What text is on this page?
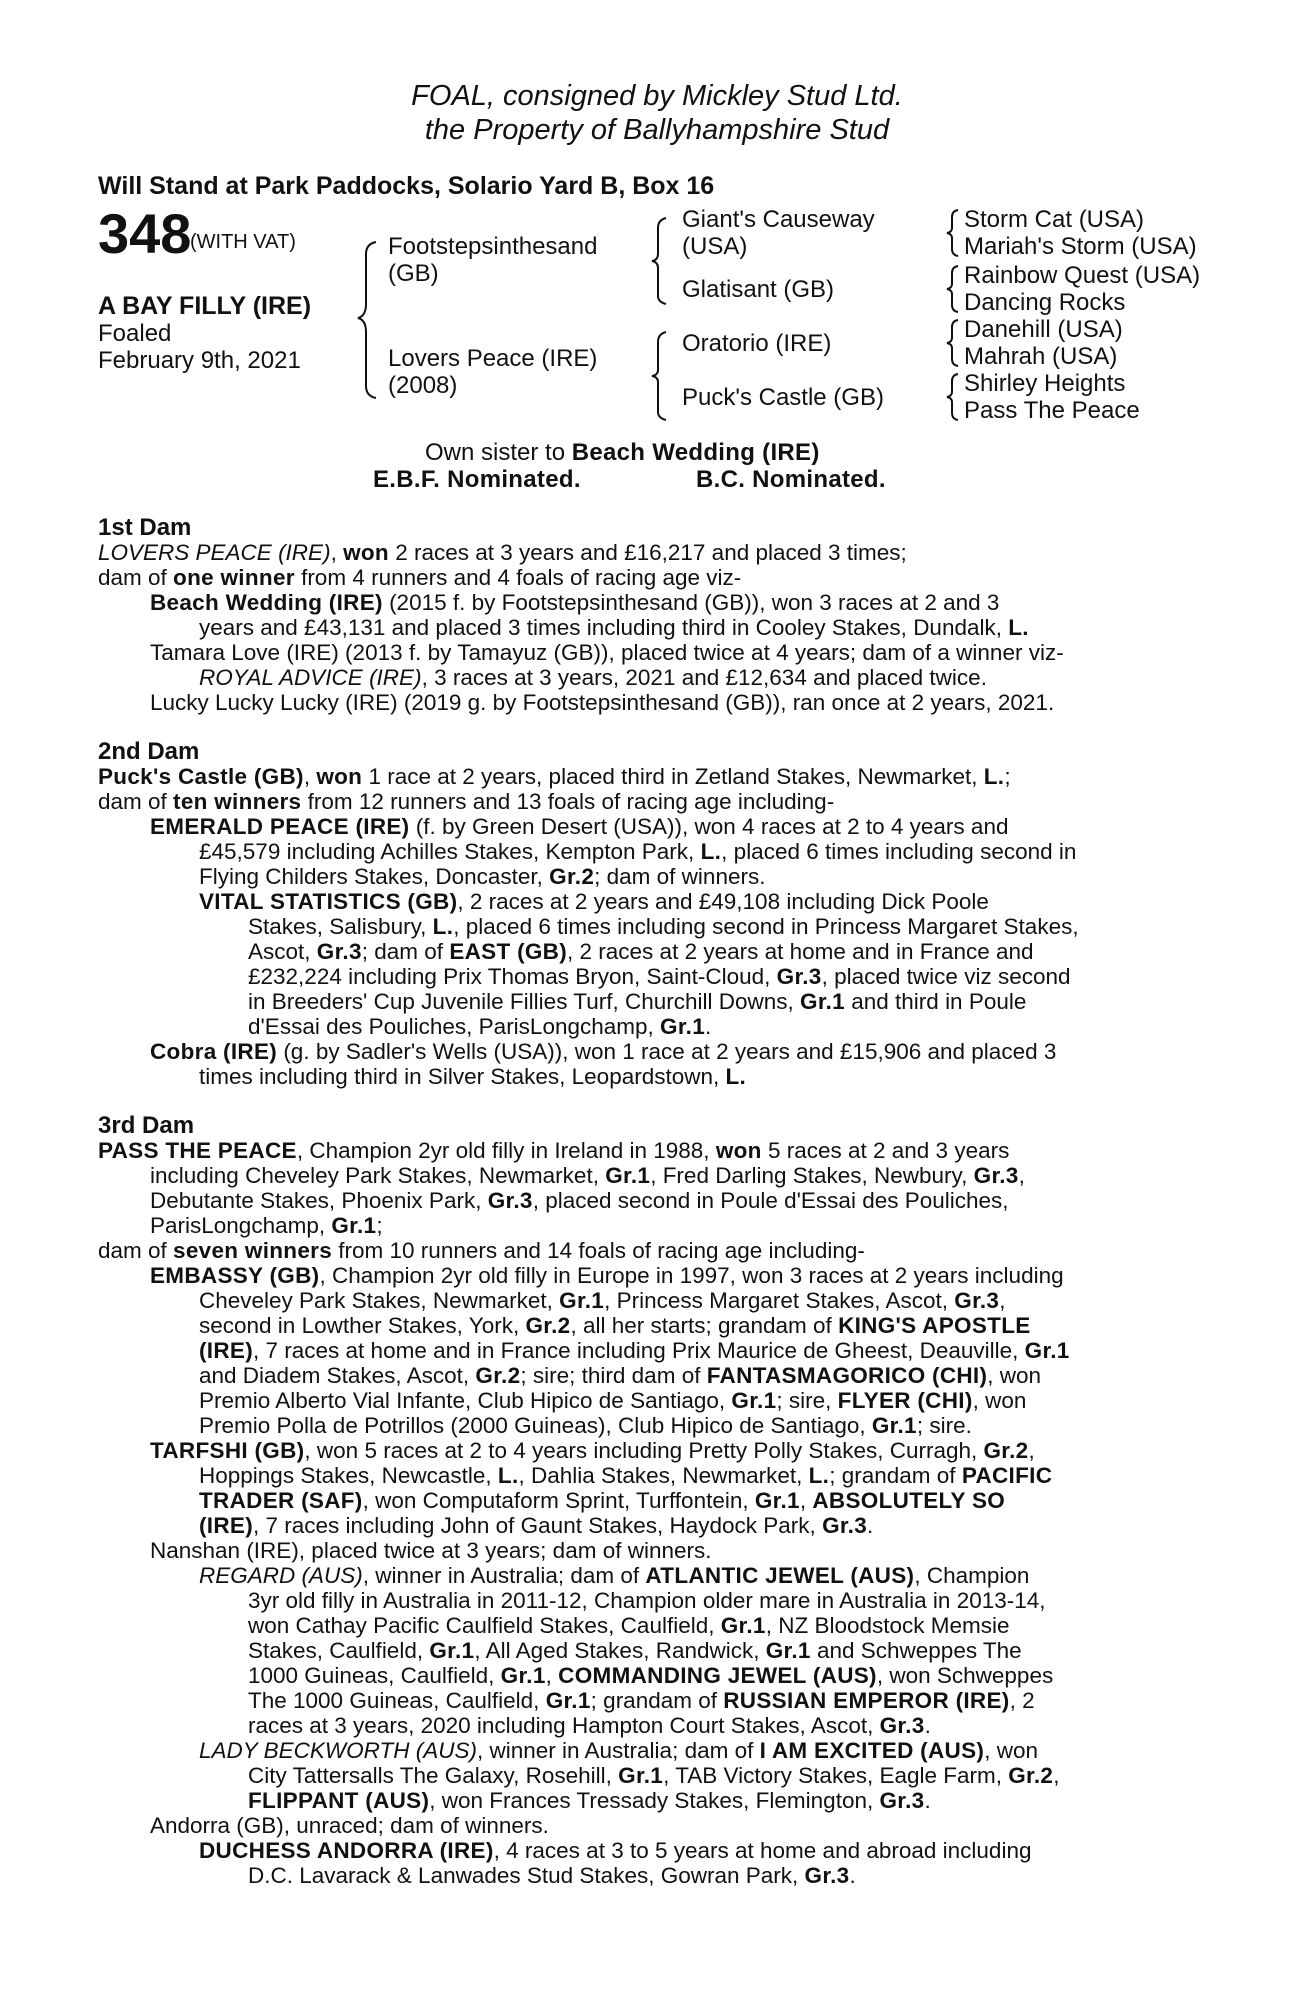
FOAL, consigned by Mickley Stud Ltd.
the Property of Ballyhampshire Stud
Will Stand at Park Paddocks, Solario Yard B, Box 16
348
(WITH VAT)
A BAY FILLY (IRE)
Foaled
February 9th, 2021
Footstepsinthesand
(GB)
Lovers Peace (IRE)
(2008)
Giant's Causeway
(USA)
Glatisant (GB)
Oratorio (IRE)
Puck's Castle (GB)
Storm Cat (USA)
Mariah's Storm (USA)
Rainbow Quest (USA)
Dancing Rocks
Danehill (USA)
Mahrah (USA)
Shirley Heights
Pass The Peace
Own sister to Beach Wedding (IRE)
E.B.F. Nominated.	B.C. Nominated.
1st Dam
LOVERS PEACE (IRE), won 2 races at 3 years and £16,217 and placed 3 times;
dam of one winner from 4 runners and 4 foals of racing age viz-
Beach Wedding (IRE) (2015 f. by Footstepsinthesand (GB)), won 3 races at 2 and 3
years and £43,131 and placed 3 times including third in Cooley Stakes, Dundalk, L.
Tamara Love (IRE) (2013 f. by Tamayuz (GB)), placed twice at 4 years; dam of a winner viz-
ROYAL ADVICE (IRE), 3 races at 3 years, 2021 and £12,634 and placed twice.
Lucky Lucky Lucky (IRE) (2019 g. by Footstepsinthesand (GB)), ran once at 2 years, 2021.
2nd Dam
Puck's Castle (GB), won 1 race at 2 years, placed third in Zetland Stakes, Newmarket, L.;
dam of ten winners from 12 runners and 13 foals of racing age including-
EMERALD PEACE (IRE) (f. by Green Desert (USA)), won 4 races at 2 to 4 years and
£45,579 including Achilles Stakes, Kempton Park, L., placed 6 times including second in
Flying Childers Stakes, Doncaster, Gr.2; dam of winners.
VITAL STATISTICS (GB), 2 races at 2 years and £49,108 including Dick Poole
Stakes, Salisbury, L., placed 6 times including second in Princess Margaret Stakes,
Ascot, Gr.3; dam of EAST (GB), 2 races at 2 years at home and in France and
£232,224 including Prix Thomas Bryon, Saint-Cloud, Gr.3, placed twice viz second
in Breeders' Cup Juvenile Fillies Turf, Churchill Downs, Gr.1 and third in Poule
d'Essai des Pouliches, ParisLongchamp, Gr.1.
Cobra (IRE) (g. by Sadler's Wells (USA)), won 1 race at 2 years and £15,906 and placed 3
times including third in Silver Stakes, Leopardstown, L.
3rd Dam
PASS THE PEACE, Champion 2yr old filly in Ireland in 1988, won 5 races at 2 and 3 years
including Cheveley Park Stakes, Newmarket, Gr.1, Fred Darling Stakes, Newbury, Gr.3,
Debutante Stakes, Phoenix Park, Gr.3, placed second in Poule d'Essai des Pouliches,
ParisLongchamp, Gr.1;
dam of seven winners from 10 runners and 14 foals of racing age including-
EMBASSY (GB), Champion 2yr old filly in Europe in 1997, won 3 races at 2 years including
Cheveley Park Stakes, Newmarket, Gr.1, Princess Margaret Stakes, Ascot, Gr.3,
second in Lowther Stakes, York, Gr.2, all her starts; grandam of KING'S APOSTLE
(IRE), 7 races at home and in France including Prix Maurice de Gheest, Deauville, Gr.1
and Diadem Stakes, Ascot, Gr.2; sire; third dam of FANTASMAGORICO (CHI), won
Premio Alberto Vial Infante, Club Hipico de Santiago, Gr.1; sire, FLYER (CHI), won
Premio Polla de Potrillos (2000 Guineas), Club Hipico de Santiago, Gr.1; sire.
TARFSHI (GB), won 5 races at 2 to 4 years including Pretty Polly Stakes, Curragh, Gr.2,
Hoppings Stakes, Newcastle, L., Dahlia Stakes, Newmarket, L.; grandam of PACIFIC
TRADER (SAF), won Computaform Sprint, Turffontein, Gr.1, ABSOLUTELY SO
(IRE), 7 races including John of Gaunt Stakes, Haydock Park, Gr.3.
Nanshan (IRE), placed twice at 3 years; dam of winners.
REGARD (AUS), winner in Australia; dam of ATLANTIC JEWEL (AUS), Champion
3yr old filly in Australia in 2011-12, Champion older mare in Australia in 2013-14,
won Cathay Pacific Caulfield Stakes, Caulfield, Gr.1, NZ Bloodstock Memsie
Stakes, Caulfield, Gr.1, All Aged Stakes, Randwick, Gr.1 and Schweppes The
1000 Guineas, Caulfield, Gr.1, COMMANDING JEWEL (AUS), won Schweppes
The 1000 Guineas, Caulfield, Gr.1; grandam of RUSSIAN EMPEROR (IRE), 2
races at 3 years, 2020 including Hampton Court Stakes, Ascot, Gr.3.
LADY BECKWORTH (AUS), winner in Australia; dam of I AM EXCITED (AUS), won
City Tattersalls The Galaxy, Rosehill, Gr.1, TAB Victory Stakes, Eagle Farm, Gr.2,
FLIPPANT (AUS), won Frances Tressady Stakes, Flemington, Gr.3.
Andorra (GB), unraced; dam of winners.
DUCHESS ANDORRA (IRE), 4 races at 3 to 5 years at home and abroad including
D.C. Lavarack & Lanwades Stud Stakes, Gowran Park, Gr.3.
